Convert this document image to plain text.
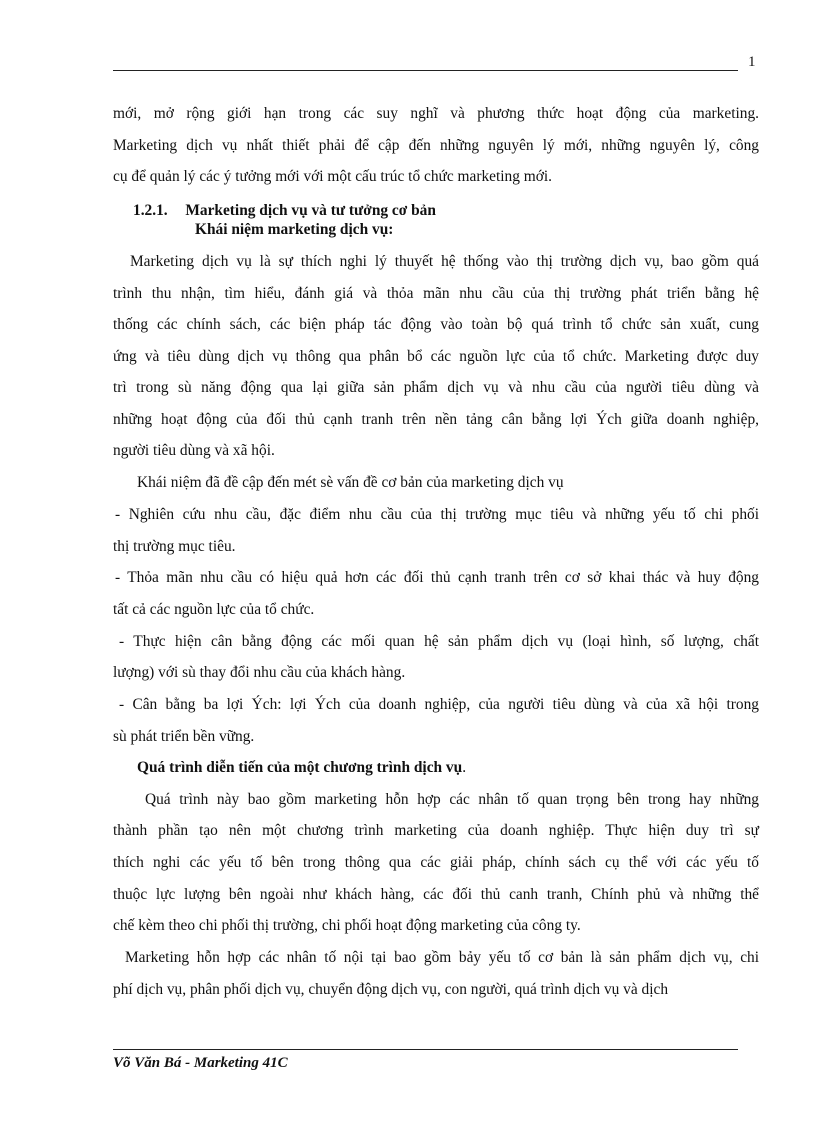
1
mới, mở rộng giới hạn trong các suy nghĩ và phương thức hoạt động của marketing.
Marketing dịch vụ nhất thiết phải để cập đến những nguyên lý mới, những nguyên lý, công
cụ để quản lý các ý tưởng mới với một cấu trúc tổ chức marketing mới.
1.2.1. Marketing dịch vụ và tư tưởng cơ bản
Khái niệm marketing dịch vụ:
Marketing dịch vụ là sự thích nghi lý thuyết hệ thống vào thị trường dịch vụ, bao gồm quá
trình thu nhận, tìm hiểu, đánh giá và thỏa mãn nhu cầu của thị trường phát triển bằng hệ
thống các chính sách, các biện pháp tác động vào toàn bộ quá trình tổ chức sản xuất, cung
ứng và tiêu dùng dịch vụ thông qua phân bổ các nguồn lực của tổ chức. Marketing được duy
trì trong sù năng động qua lại giữa sản phẩm dịch vụ và nhu cầu của người tiêu dùng và
những hoạt động của đối thủ cạnh tranh trên nền tảng cân bằng lợi Ých giữa doanh nghiệp,
người tiêu dùng và xã hội.
Khái niệm đã đề cập đến mét sè vấn đề cơ bản của marketing dịch vụ
- Nghiên cứu nhu cầu, đặc điểm nhu cầu của thị trường mục tiêu và những yếu tố chi phối
thị trường mục tiêu.
- Thỏa mãn nhu cầu có hiệu quả hơn các đối thủ cạnh tranh trên cơ sở khai thác và huy động
tất cả các nguồn lực của tổ chức.
- Thực hiện cân bằng động các mối quan hệ sản phẩm dịch vụ (loại hình, số lượng, chất
lượng) với sù thay đổi nhu cầu của khách hàng.
- Cân bằng ba lợi Ých: lợi Ých của doanh nghiệp, của người tiêu dùng và của xã hội trong
sù phát triển bền vững.
Quá trình diễn tiến của một chương trình dịch vụ.
Quá trình này bao gồm marketing hỗn hợp các nhân tố quan trọng bên trong hay những
thành phần tạo nên một chương trình marketing của doanh nghiệp. Thực hiện duy trì sự
thích nghi các yếu tố bên trong thông qua các giải pháp, chính sách cụ thể với các yếu tố
thuộc lực lượng bên ngoài như khách hàng, các đối thủ canh tranh, Chính phủ và những thể
chế kèm theo chi phối thị trường, chi phối hoạt động marketing của công ty.
Marketing hỗn hợp các nhân tố nội tại bao gồm bảy yếu tố cơ bản là sản phẩm dịch vụ, chi
phí dịch vụ, phân phối dịch vụ, chuyển động dịch vụ, con người, quá trình dịch vụ và dịch
Võ Văn Bá - Marketing 41C
